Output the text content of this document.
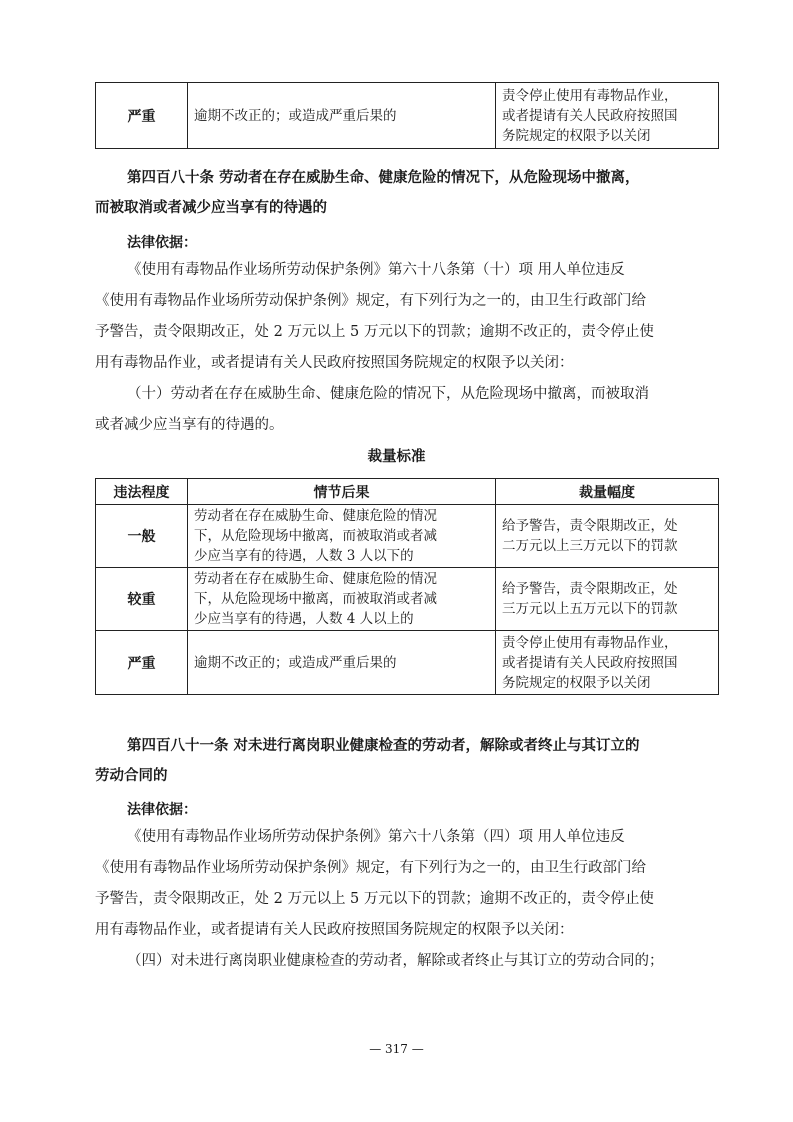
严重	逾期不改正的；或造成严重后果的	
责令停止使用有毒物品作业，
或者提请有关人民政府按照国
务院规定的权限予以关闭
第四百八十条 劳动者在存在威胁生命、健康危险的情况下，从危险现场中撤离，
而被取消或者减少应当享有的待遇的
法律依据：
《使用有毒物品作业场所劳动保护条例》第六十八条第（十）项 用人单位违反
《使用有毒物品作业场所劳动保护条例》规定，有下列行为之一的，由卫生行政部门给
予警告，责令限期改正，处 2 万元以上 5 万元以下的罚款；逾期不改正的，责令停止使
用有毒物品作业，或者提请有关人民政府按照国务院规定的权限予以关闭：
（十）劳动者在存在威胁生命、健康危险的情况下，从危险现场中撤离，而被取消
或者减少应当享有的待遇的。
裁量标准
违法程度	情节后果	裁量幅度
一般	劳动者在存在威胁生命、健康危险的情况
下，从危险现场中撤离，而被取消或者减
少应当享有的待遇，人数 3 人以下的	给予警告，责令限期改正，处
二万元以上三万元以下的罚款

较重	劳动者在存在威胁生命、健康危险的情况
下，从危险现场中撤离，而被取消或者减
少应当享有的待遇，人数 4 人以上的	给予警告，责令限期改正，处
三万元以上五万元以下的罚款

严重	逾期不改正的；或造成严重后果的	责令停止使用有毒物品作业，
或者提请有关人民政府按照国
务院规定的权限予以关闭
第四百八十一条 对未进行离岗职业健康检查的劳动者，解除或者终止与其订立的
劳动合同的
法律依据：
《使用有毒物品作业场所劳动保护条例》第六十八条第（四）项 用人单位违反
《使用有毒物品作业场所劳动保护条例》规定，有下列行为之一的，由卫生行政部门给
予警告，责令限期改正，处 2 万元以上 5 万元以下的罚款；逾期不改正的，责令停止使
用有毒物品作业，或者提请有关人民政府按照国务院规定的权限予以关闭：
（四）对未进行离岗职业健康检查的劳动者，解除或者终止与其订立的劳动合同的；
— 317 —
